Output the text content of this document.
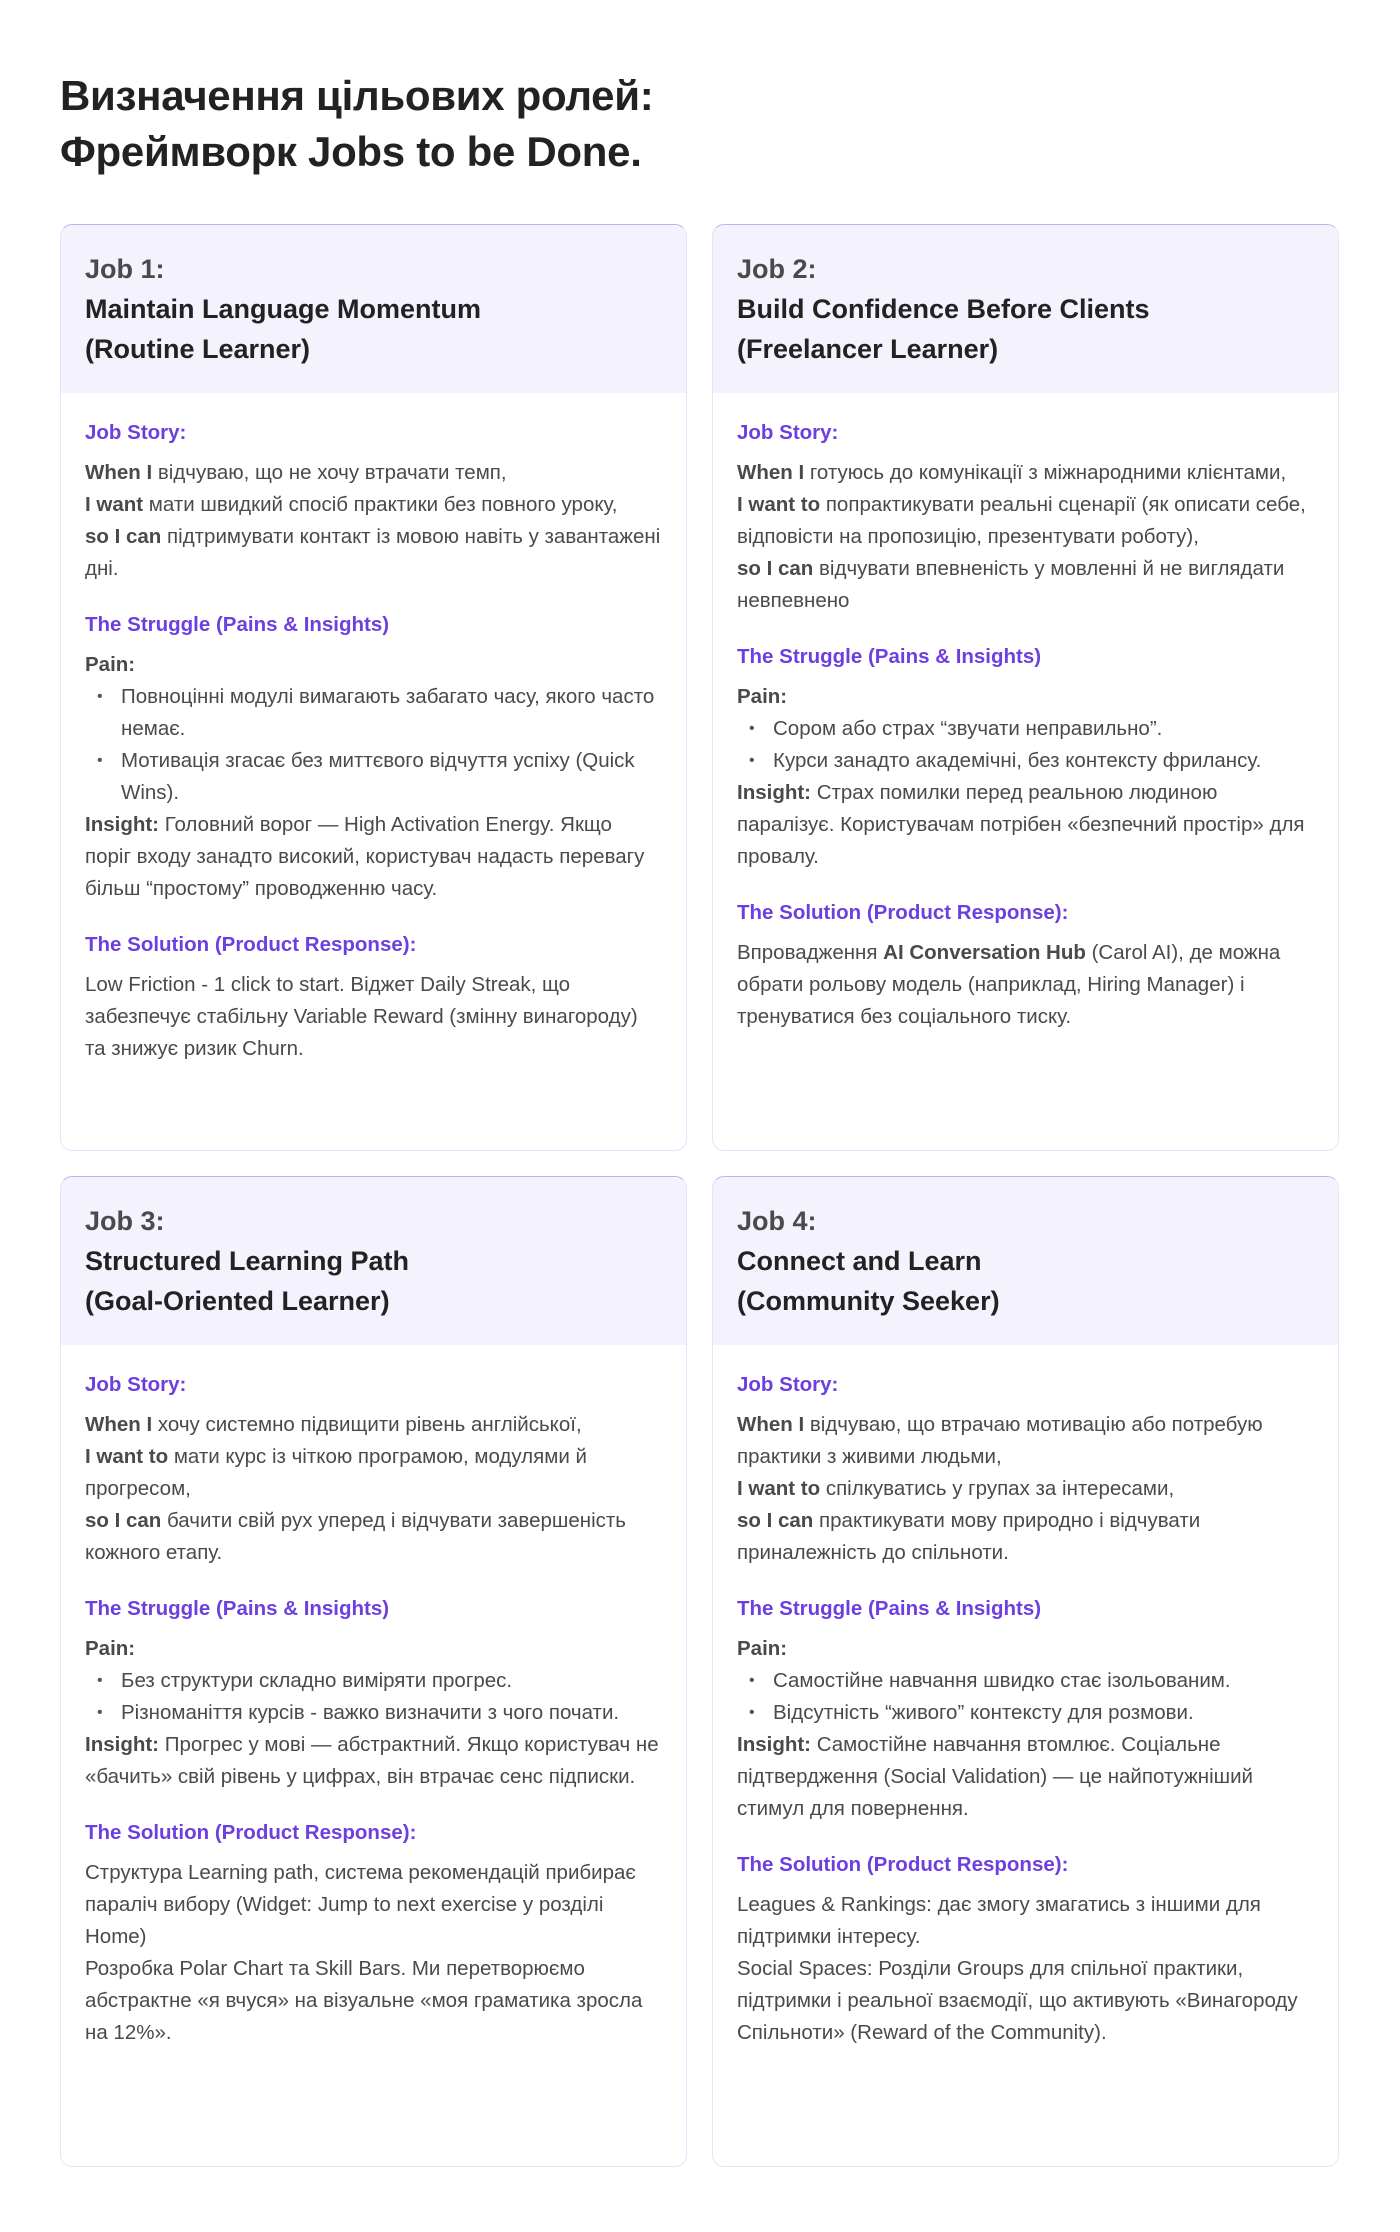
Визначення цільових ролей:
Фреймворк Jobs to be Done.
Job 1:
Maintain Language Momentum
(Routine Learner)
Job Story:
When I відчуваю, що не хочу втрачати темп,
I want мати швидкий спосіб практики без повного уроку,
so I can підтримувати контакт із мовою навіть у завантажені дні.
The Struggle (Pains & Insights)
Pain:
• Повноцінні модулі вимагають забагато часу, якого часто немає.
• Мотивація згасає без миттєвого відчуття успіху (Quick Wins).
Insight: Головний ворог — High Activation Energy. Якщо поріг входу занадто високий, користувач надасть перевагу більш “простому” проводженню часу.
The Solution (Product Response):
Low Friction - 1 click to start. Віджет Daily Streak, що забезпечує стабільну Variable Reward (змінну винагороду) та знижує ризик Churn.
Job 2:
Build Confidence Before Clients
(Freelancer Learner)
Job Story:
When I готуюсь до комунікації з міжнародними клієнтами,
I want to попрактикувати реальні сценарії (як описати себе, відповісти на пропозицію, презентувати роботу),
so I can відчувати впевненість у мовленні й не виглядати невпевнено
The Struggle (Pains & Insights)
Pain:
• Сором або страх “звучати неправильно”.
• Курси занадто академічні, без контексту фрилансу.
Insight: Страх помилки перед реальною людиною паралізує. Користувачам потрібен «безпечний простір» для провалу.
The Solution (Product Response):
Впровадження AI Conversation Hub (Carol AI), де можна обрати рольову модель (наприклад, Hiring Manager) і тренуватися без соціального тиску.
Job 3:
Structured Learning Path
(Goal-Oriented Learner)
Job Story:
When I хочу системно підвищити рівень англійської,
I want to мати курс із чіткою програмою, модулями й прогресом,
so I can бачити свій рух уперед і відчувати завершеність кожного етапу.
The Struggle (Pains & Insights)
Pain:
• Без структури складно виміряти прогрес.
• Різноманіття курсів - важко визначити з чого почати.
Insight: Прогрес у мові — абстрактний. Якщо користувач не «бачить» свій рівень у цифрах, він втрачає сенс підписки.
The Solution (Product Response):
Структура Learning path, система рекомендацій прибирає параліч вибору (Widget: Jump to next exercise у розділі Home)
Розробка Polar Chart та Skill Bars. Ми перетворюємо абстрактне «я вчуся» на візуальне «моя граматика зросла на 12%».
Job 4:
Connect and Learn
(Community Seeker)
Job Story:
When I відчуваю, що втрачаю мотивацію або потребую практики з живими людьми,
I want to спілкуватись у групах за інтересами,
so I can практикувати мову природно і відчувати приналежність до спільноти.
The Struggle (Pains & Insights)
Pain:
• Самостійне навчання швидко стає ізольованим.
• Відсутність “живого” контексту для розмови.
Insight: Самостійне навчання втомлює. Соціальне підтвердження (Social Validation) — це найпотужніший стимул для повернення.
The Solution (Product Response):
Leagues & Rankings: дає змогу змагатись з іншими для підтримки інтересу.
Social Spaces: Розділи Groups для спільної практики, підтримки і реальної взаємодії, що активують «Винагороду Спільноти» (Reward of the Community).
